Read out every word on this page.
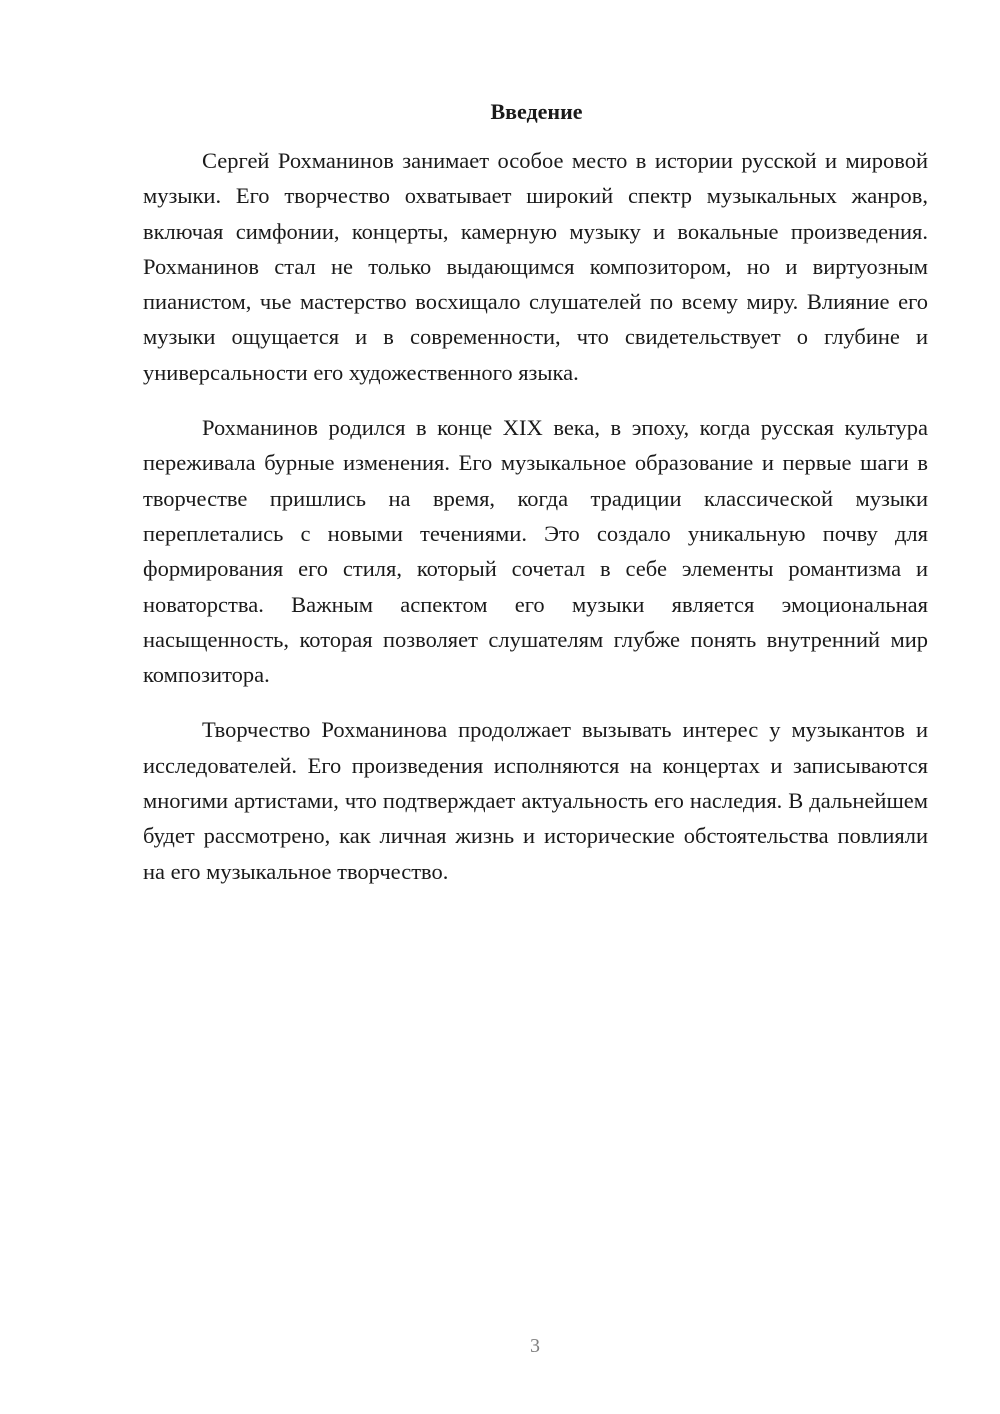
Введение

Сергей Рохманинов занимает особое место в истории русской и мировой музыки. Его творчество охватывает широкий спектр музыкальных жанров, включая симфонии, концерты, камерную музыку и вокальные произведения. Рохманинов стал не только выдающимся композитором, но и виртуозным пианистом, чье мастерство восхищало слушателей по всему миру. Влияние его музыки ощущается и в современности, что свидетельствует о глубине и универсальности его художественного языка.

Рохманинов родился в конце XIX века, в эпоху, когда русская культура переживала бурные изменения. Его музыкальное образование и первые шаги в творчестве пришлись на время, когда традиции классической музыки переплетались с новыми течениями. Это создало уникальную почву для формирования его стиля, который сочетал в себе элементы романтизма и новаторства. Важным аспектом его музыки является эмоциональная насыщенность, которая позволяет слушателям глубже понять внутренний мир композитора.

Творчество Рохманинова продолжает вызывать интерес у музыкантов и исследователей. Его произведения исполняются на концертах и записываются многими артистами, что подтверждает актуальность его наследия. В дальнейшем будет рассмотрено, как личная жизнь и исторические обстоятельства повлияли на его музыкальное творчество.

3
